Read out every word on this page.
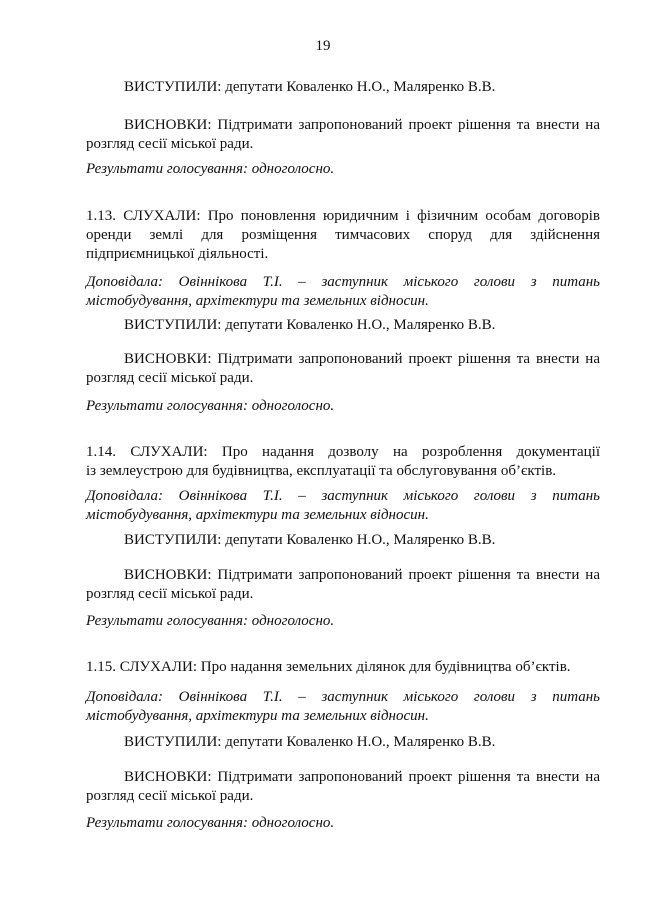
19

ВИСТУПИЛИ: депутати Коваленко Н.О., Маляренко В.В.

ВИСНОВКИ: Підтримати запропонований проект рішення та внести на
розгляд сесії міської ради.

Результати голосування: одноголосно.

1.13. СЛУХАЛИ: Про поновлення юридичним і фізичним особам договорів
оренди землі для розміщення тимчасових споруд для здійснення
підприємницької діяльності.
Доповідала: Овіннікова Т.І. – заступник міського голови з питань
містобудування, архітектури та земельних відносин.

ВИСТУПИЛИ: депутати Коваленко Н.О., Маляренко В.В.

ВИСНОВКИ: Підтримати запропонований проект рішення та внести на
розгляд сесії міської ради.

Результати голосування: одноголосно.

1.14. СЛУХАЛИ: Про надання дозволу на розроблення документації
із землеустрою для будівництва, експлуатації та обслуговування об’єктів.
Доповідала: Овіннікова Т.І. – заступник міського голови з питань
містобудування, архітектури та земельних відносин.

ВИСТУПИЛИ: депутати Коваленко Н.О., Маляренко В.В.

ВИСНОВКИ: Підтримати запропонований проект рішення та внести на
розгляд сесії міської ради.

Результати голосування: одноголосно.

1.15. СЛУХАЛИ: Про надання земельних ділянок для будівництва об’єктів.

Доповідала: Овіннікова Т.І. – заступник міського голови з питань
містобудування, архітектури та земельних відносин.

ВИСТУПИЛИ: депутати Коваленко Н.О., Маляренко В.В.

ВИСНОВКИ: Підтримати запропонований проект рішення та внести на
розгляд сесії міської ради.

Результати голосування: одноголосно.
